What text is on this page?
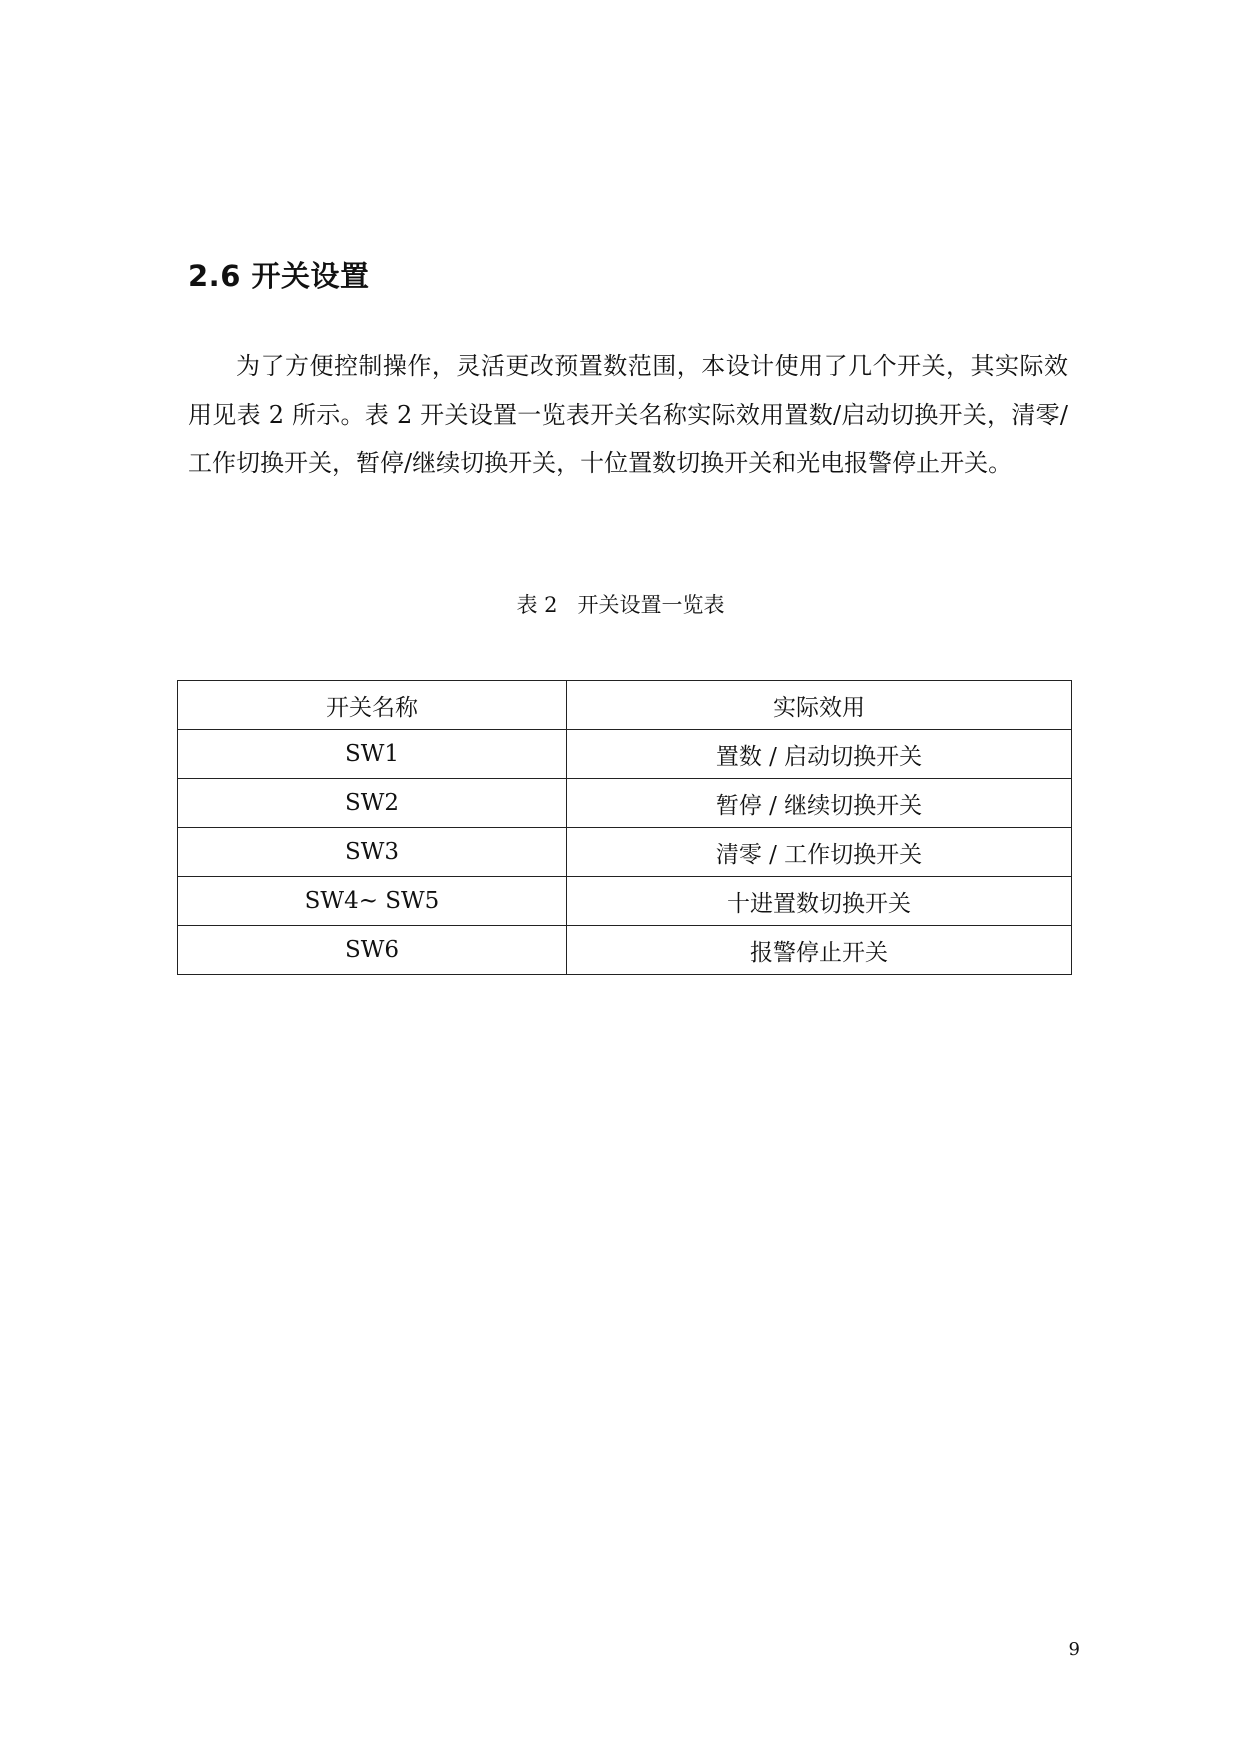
2.6 开关设置

为了方便控制操作，灵活更改预置数范围，本设计使用了几个开关，其实际效用见表 2 所示。表 2 开关设置一览表开关名称实际效用置数/启动切换开关，清零/工作切换开关，暂停/继续切换开关，十位置数切换开关和光电报警停止开关。

表 2 开关设置一览表

开关名称	实际效用
SW1	置数 / 启动切换开关
SW2	暂停 / 继续切换开关
SW3	清零 / 工作切换开关
SW4~ SW5	十进置数切换开关
SW6	报警停止开关
9
